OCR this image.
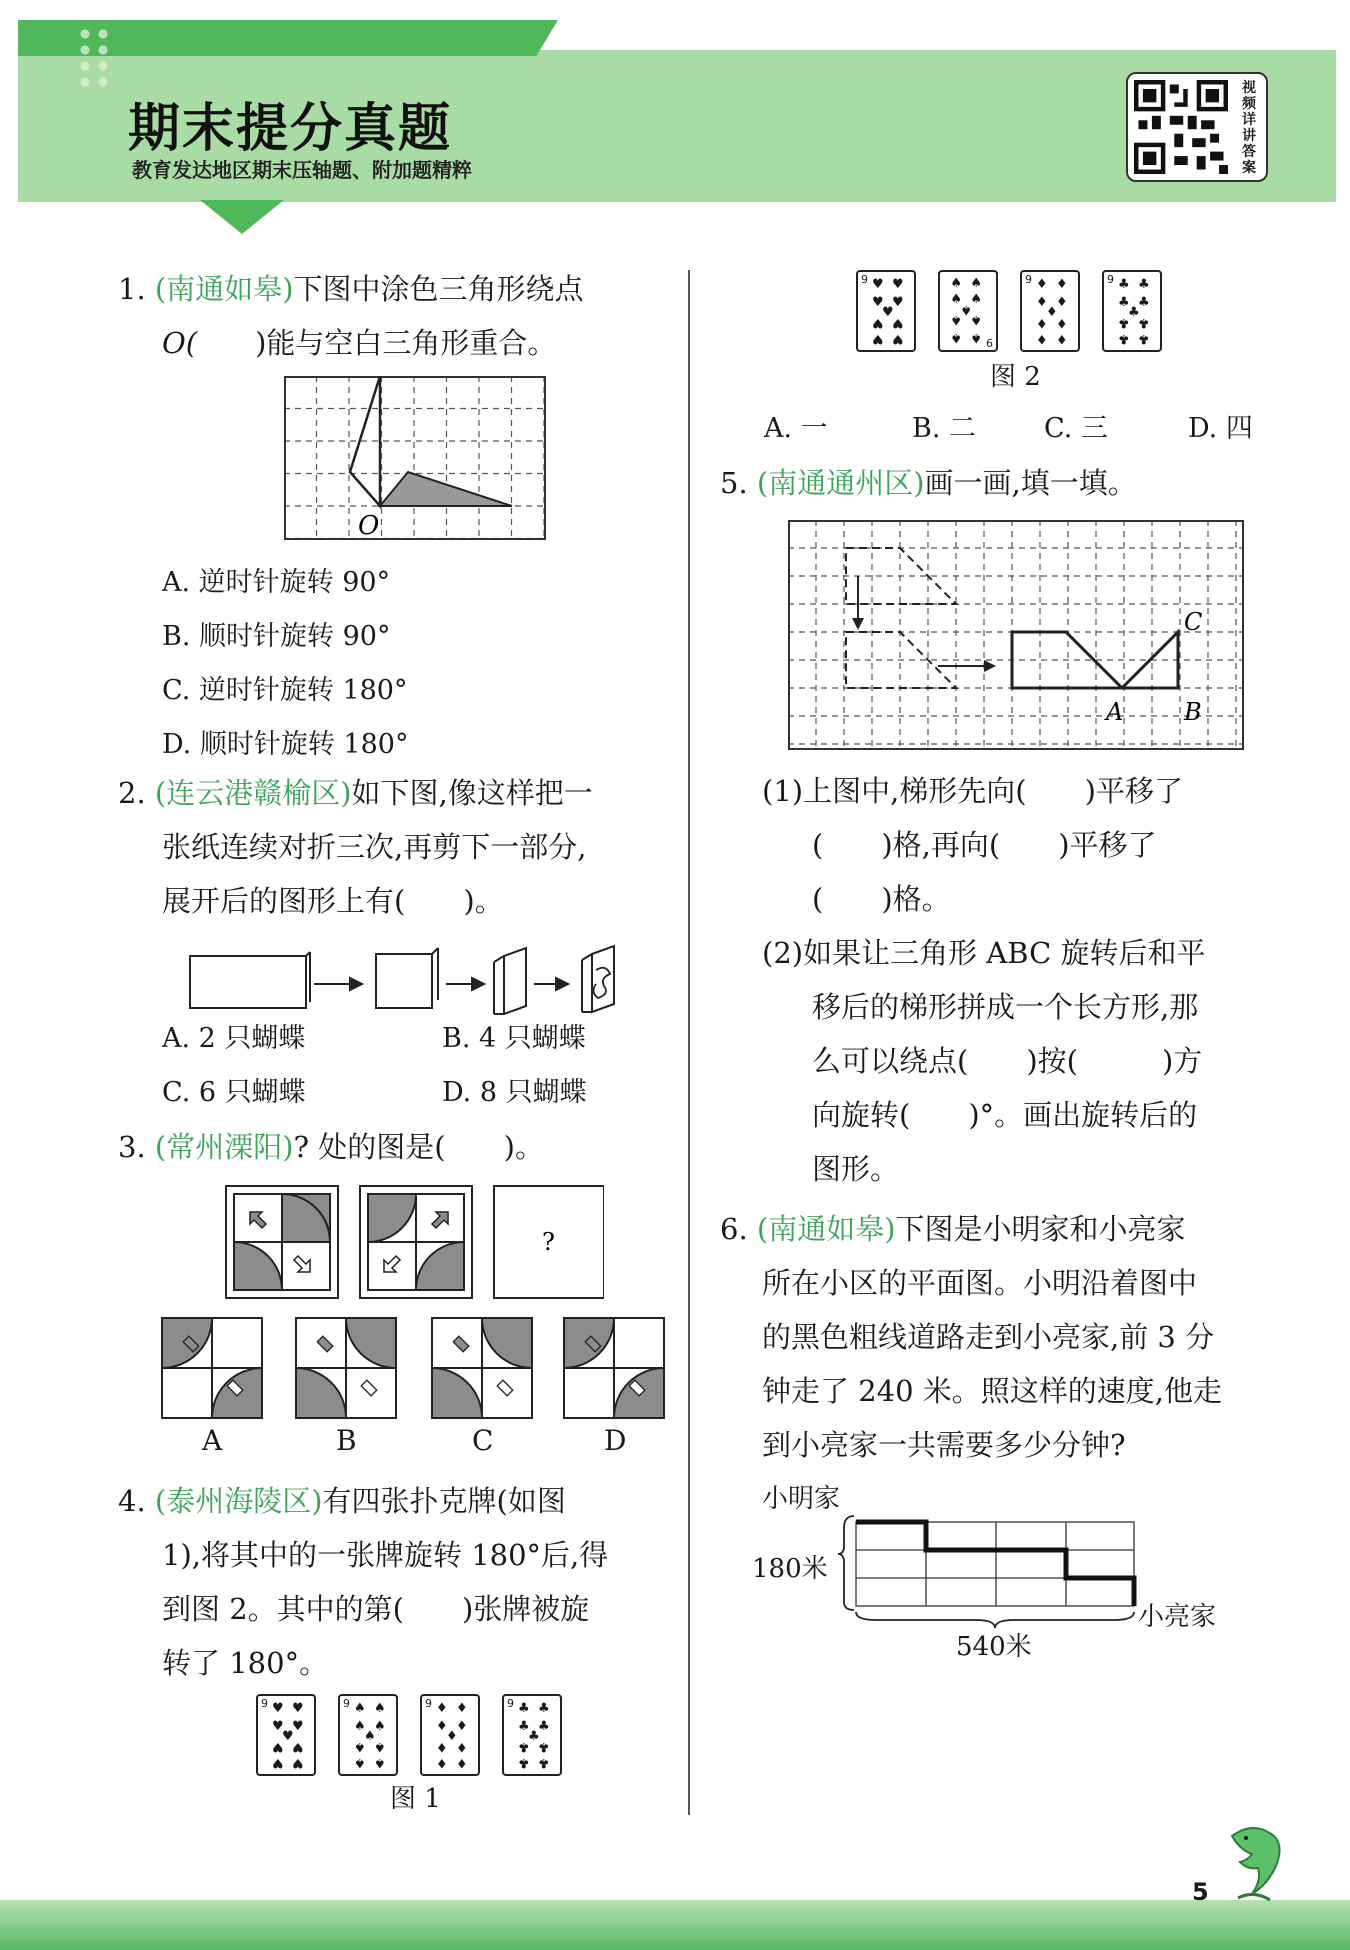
期末提分真题
教育发达地区期末压轴题、附加题精粹
视频详讲答案
1. (南通如皋)下图中涂色三角形绕点
O( )能与空白三角形重合。
O
A. 逆时针旋转 90°
B. 顺时针旋转 90°
C. 逆时针旋转 180°
D. 顺时针旋转 180°
2. (连云港赣榆区)如下图,像这样把一
张纸连续对折三次,再剪下一部分,
展开后的图形上有( )。
A. 2 只蝴蝶	B. 4 只蝴蝶
C. 6 只蝴蝶	D. 8 只蝴蝶
3. (常州溧阳)? 处的图是( )。
?
A	B	C	D
4. (泰州海陵区)有四张扑克牌(如图
1),将其中的一张牌旋转 180°后,得
到图 2。其中的第( )张牌被旋
转了 180°。
9 ♥ ♥
♥ ♥
♥
♥ ♥
♥ ♥
9 ♠ ♠
♠ ♠
♠
♠ ♠
♠ ♠
9 ♦ ♦
♦ ♦
♦
♦ ♦
♦ ♦
9 ♣ ♣
♣ ♣
♣
♣ ♣
♣ ♣
图 1
9 ♥ ♥
♥ ♥
♥
♥ ♥
♥ ♥	9
♠
♠
♠
♠
♠
♠
♠
♠
♠	9 ♦ ♦
♦ ♦
♦
♦ ♦
♦ ♦
9 ♣ ♣
♣ ♣
♣
♣ ♣
♣ ♣
图 2
A. 一	B. 二	C. 三	D. 四
5. (南通通州区)画一画,填一填。
A	B
C
(1)上图中,梯形先向( )平移了
( )格,再向( )平移了
( )格。
(2)如果让三角形 ABC 旋转后和平
移后的梯形拼成一个长方形,那
么可以绕点( )按(	)方
向旋转( )°。画出旋转后的
图形。
6. (南通如皋)下图是小明家和小亮家
所在小区的平面图。小明沿着图中
的黑色粗线道路走到小亮家,前 3 分
钟走了 240 米。照这样的速度,他走
到小亮家一共需要多少分钟?
小明家
180米
小亮家
540米
5
